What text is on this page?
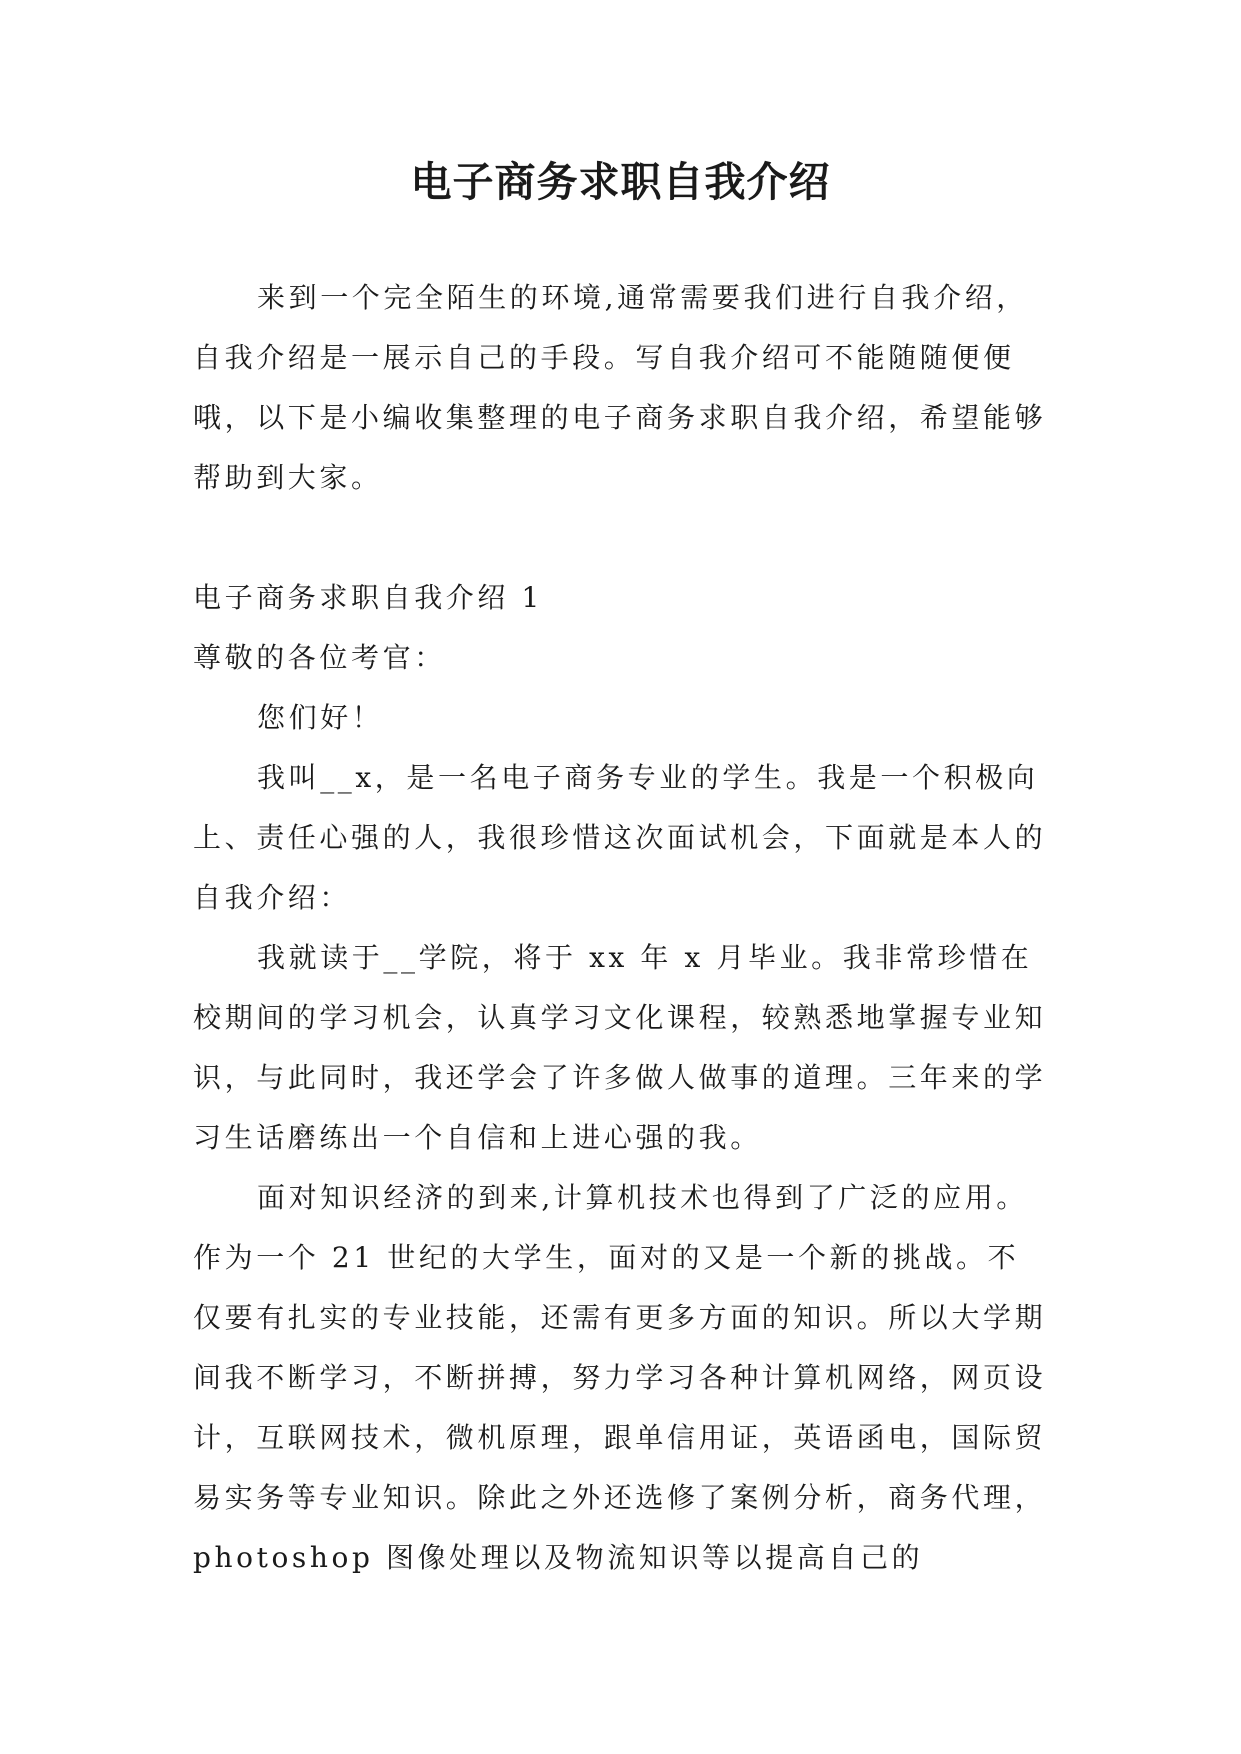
电子商务求职自我介绍

来到一个完全陌生的环境,通常需要我们进行自我介绍，自我介绍是一展示自己的手段。写自我介绍可不能随随便便哦，以下是小编收集整理的电子商务求职自我介绍，希望能够帮助到大家。

电子商务求职自我介绍 1

尊敬的各位考官：

您们好！

我叫__x，是一名电子商务专业的学生。我是一个积极向上、责任心强的人，我很珍惜这次面试机会，下面就是本人的自我介绍：

我就读于__学院，将于 xx 年 x 月毕业。我非常珍惜在校期间的学习机会，认真学习文化课程，较熟悉地掌握专业知识，与此同时，我还学会了许多做人做事的道理。三年来的学习生话磨练出一个自信和上进心强的我。

面对知识经济的到来,计算机技术也得到了广泛的应用。作为一个 21 世纪的大学生，面对的又是一个新的挑战。不仅要有扎实的专业技能，还需有更多方面的知识。所以大学期间我不断学习，不断拼搏，努力学习各种计算机网络，网页设计，互联网技术，微机原理，跟单信用证，英语函电，国际贸易实务等专业知识。除此之外还选修了案例分析，商务代理，photoshop 图像处理以及物流知识等以提高自己的
